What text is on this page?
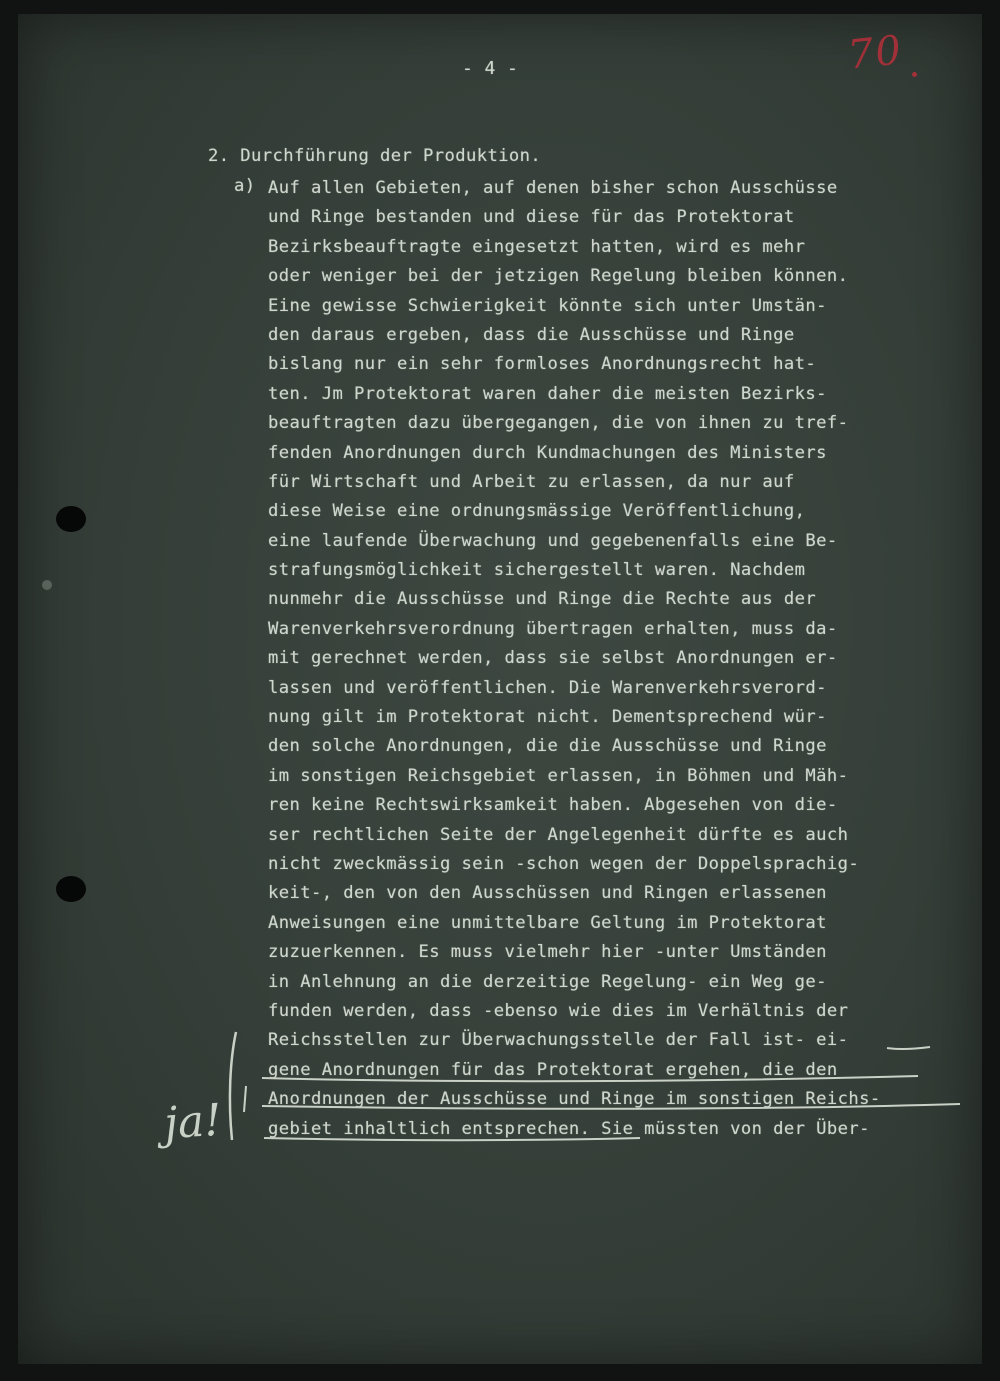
- 4 -	70
2. Durchführung der Produktion.
a) Auf allen Gebieten, auf denen bisher schon Ausschüsse
und Ringe bestanden und diese für das Protektorat
Bezirksbeauftragte eingesetzt hatten, wird es mehr
oder weniger bei der jetzigen Regelung bleiben können.
Eine gewisse Schwierigkeit könnte sich unter Umstän-
den daraus ergeben, dass die Ausschüsse und Ringe
bislang nur ein sehr formloses Anordnungsrecht hat-
ten. Jm Protektorat waren daher die meisten Bezirks-
beauftragten dazu übergegangen, die von ihnen zu tref-
fenden Anordnungen durch Kundmachungen des Ministers
für Wirtschaft und Arbeit zu erlassen, da nur auf
diese Weise eine ordnungsmässige Veröffentlichung,
eine laufende Überwachung und gegebenenfalls eine Be-
strafungsmöglichkeit sichergestellt waren. Nachdem
nunmehr die Ausschüsse und Ringe die Rechte aus der
Warenverkehrsverordnung übertragen erhalten, muss da-
mit gerechnet werden, dass sie selbst Anordnungen er-
lassen und veröffentlichen. Die Warenverkehrsverord-
nung gilt im Protektorat nicht. Dementsprechend wür-
den solche Anordnungen, die die Ausschüsse und Ringe
im sonstigen Reichsgebiet erlassen, in Böhmen und Mäh-
ren keine Rechtswirksamkeit haben. Abgesehen von die-
ser rechtlichen Seite der Angelegenheit dürfte es auch
nicht zweckmässig sein -schon wegen der Doppelsprachig-
keit-, den von den Ausschüssen und Ringen erlassenen
Anweisungen eine unmittelbare Geltung im Protektorat
zuzuerkennen. Es muss vielmehr hier -unter Umständen
in Anlehnung an die derzeitige Regelung- ein Weg ge-
funden werden, dass -ebenso wie dies im Verhältnis der
Reichsstellen zur Überwachungsstelle der Fall ist- ei-
gene Anordnungen für das Protektorat ergehen, die den
Anordnungen der Ausschüsse und Ringe im sonstigen Reichs-
gebiet inhaltlich entsprechen. Sie müssten von der Über-
ja!
